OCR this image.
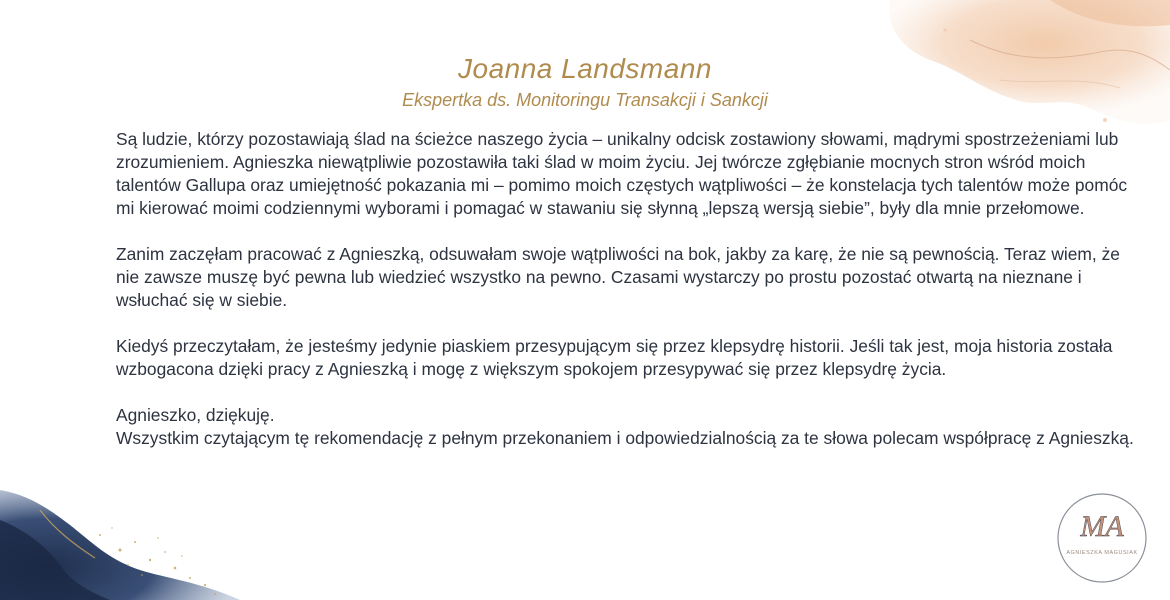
Joanna Landsmann
Ekspertka ds. Monitoringu Transakcji i Sankcji

Są ludzie, którzy pozostawiają ślad na ścieżce naszego życia – unikalny odcisk zostawiony słowami, mądrymi spostrzeżeniami lub zrozumieniem. Agnieszka niewątpliwie pozostawiła taki ślad w moim życiu. Jej twórcze zgłębianie mocnych stron wśród moich talentów Gallupa oraz umiejętność pokazania mi – pomimo moich częstych wątpliwości – że konstelacja tych talentów może pomóc mi kierować moimi codziennymi wyborami i pomagać w stawaniu się słynną „lepszą wersją siebie”, były dla mnie przełomowe.

Zanim zaczęłam pracować z Agnieszką, odsuwałam swoje wątpliwości na bok, jakby za karę, że nie są pewnością. Teraz wiem, że nie zawsze muszę być pewna lub wiedzieć wszystko na pewno. Czasami wystarczy po prostu pozostać otwartą na nieznane i wsłuchać się w siebie.

Kiedyś przeczytałam, że jesteśmy jedynie piaskiem przesypującym się przez klepsydrę historii. Jeśli tak jest, moja historia została wzbogacona dzięki pracy z Agnieszką i mogę z większym spokojem przesypywać się przez klepsydrę życia.

Agnieszko, dziękuję.
Wszystkim czytającym tę rekomendację z pełnym przekonaniem i odpowiedzialnością za te słowa polecam współpracę z Agnieszką.

MA
AGNIESZKA MAGUSIAK
